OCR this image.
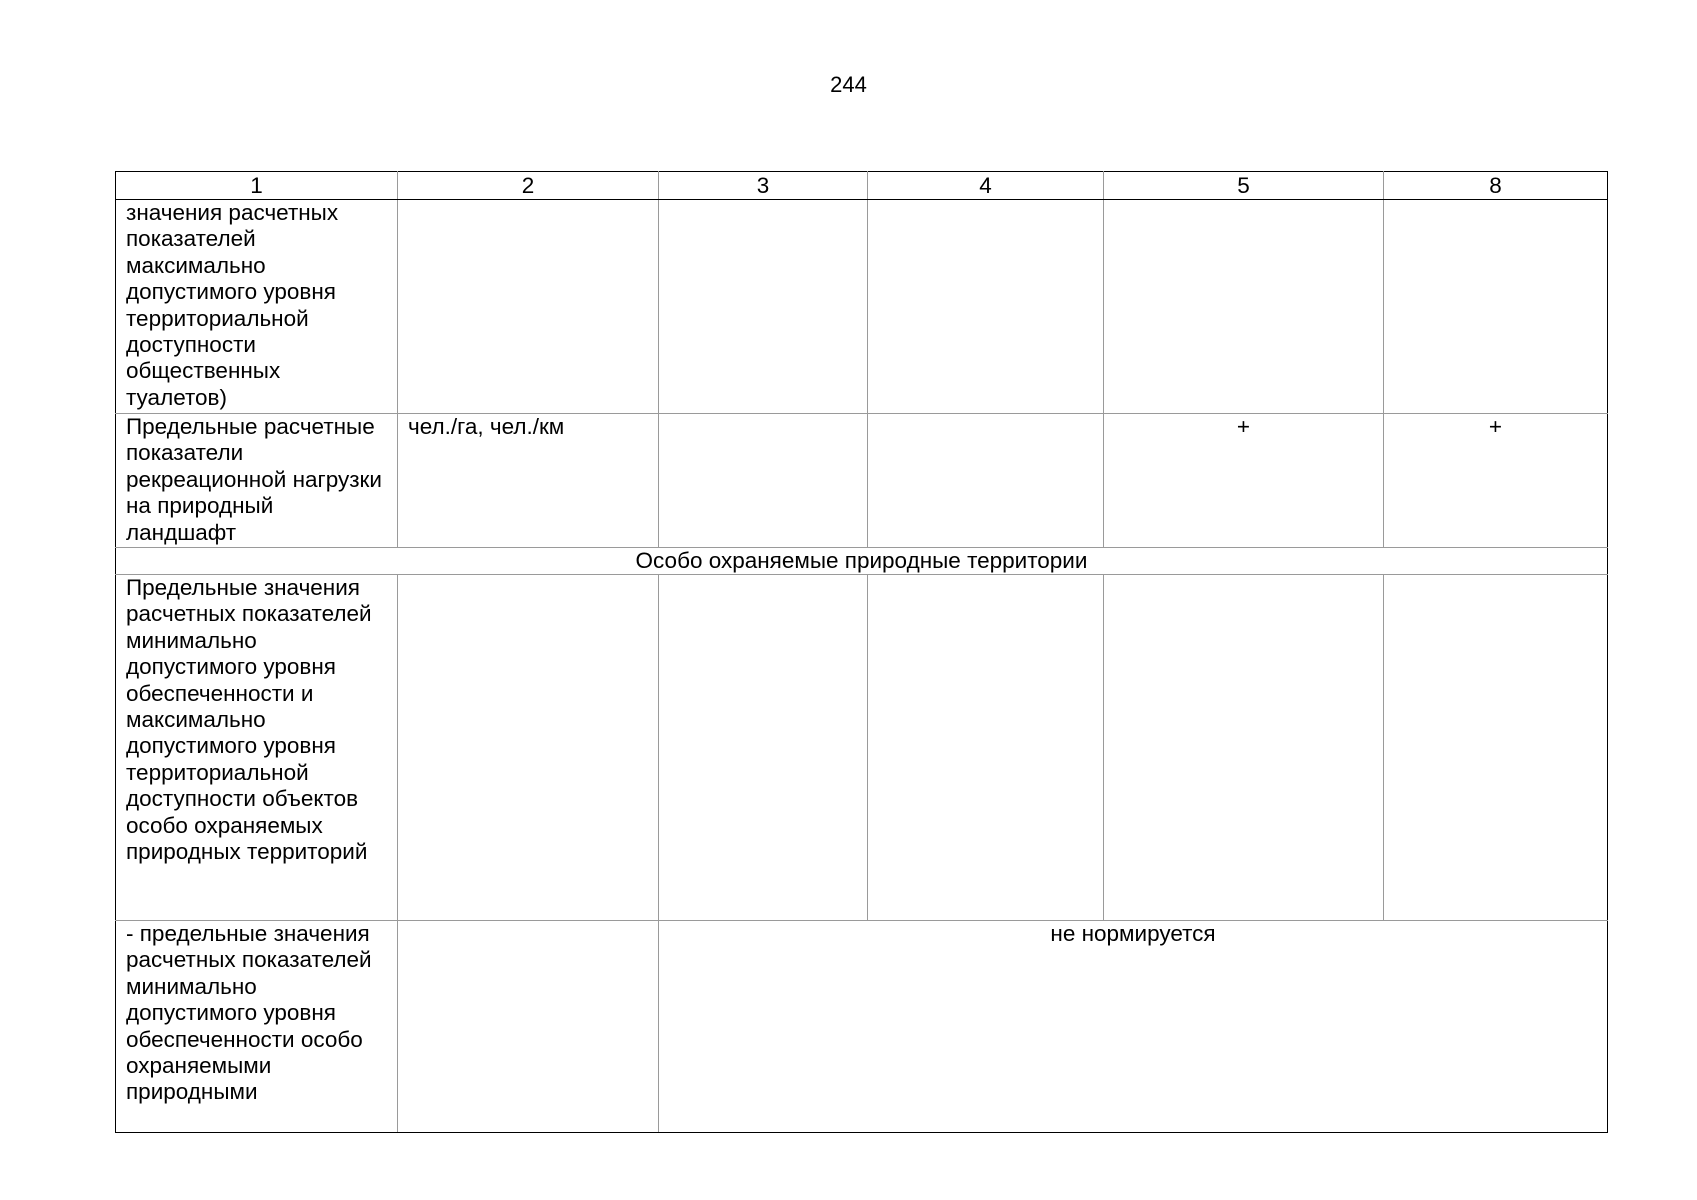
244
1	2	3	4	5	8
значения расчетных показателей максимально допустимого уровня территориальной доступности общественных туалетов)					
Предельные расчетные показатели рекреационной нагрузки на природный ландшафт	чел./га, чел./км			+	+
Особо охраняемые природные территории					
Предельные значения расчетных показателей минимально допустимого уровня обеспеченности и максимально допустимого уровня территориальной доступности объектов особо охраняемых природных территорий					
- предельные значения расчетных показателей минимально допустимого уровня обеспеченности особо охраняемыми природными		не нормируется			
